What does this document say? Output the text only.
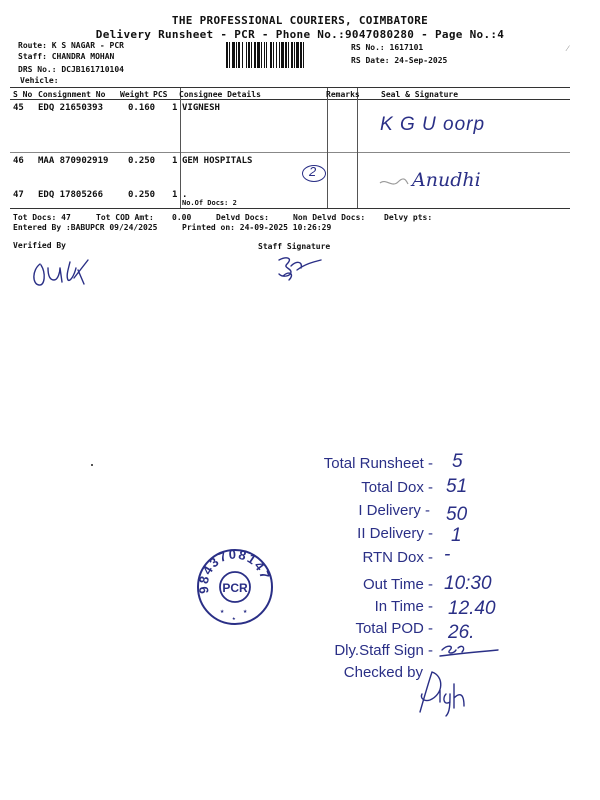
THE PROFESSIONAL COURIERS, COIMBATORE
Delivery Runsheet - PCR - Phone No.:9047080280 - Page No.:4
Route: K S NAGAR - PCR
Staff: CHANDRA MOHAN
DRS No.: DCJB161710104
Vehicle:
RS No.: 1617101
RS Date: 24-Sep-2025
S No Consignment No Weight PCS Consignee Details	Remarks	Seal & Signature
45 EDQ 21650393	0.160 1 VIGNESH
46 MAA 870902919 0.250 1 GEM HOSPITALS
47 EDQ 17805266	0.250 1 .
No.Of Docs: 2
2
K G U oorp
Anudhi
Tot Docs: 47	Tot COD Amt: 0.00	Delvd Docs:	Non Delvd Docs: Delvy pts:
Entered By :BABUPCR 09/24/2025	Printed on: 24-09-2025 10:26:29
Verified By	Staff Signature
⁄
9843708147
PCR
★	★
★
Total Runsheet - 5
Total Dox - 51
I Delivery - 50
II Delivery - 1
RTN Dox - -
Out Time - 10:30
In Time - 12.40
Total POD - 26.
Dly.Staff Sign -
Checked by
